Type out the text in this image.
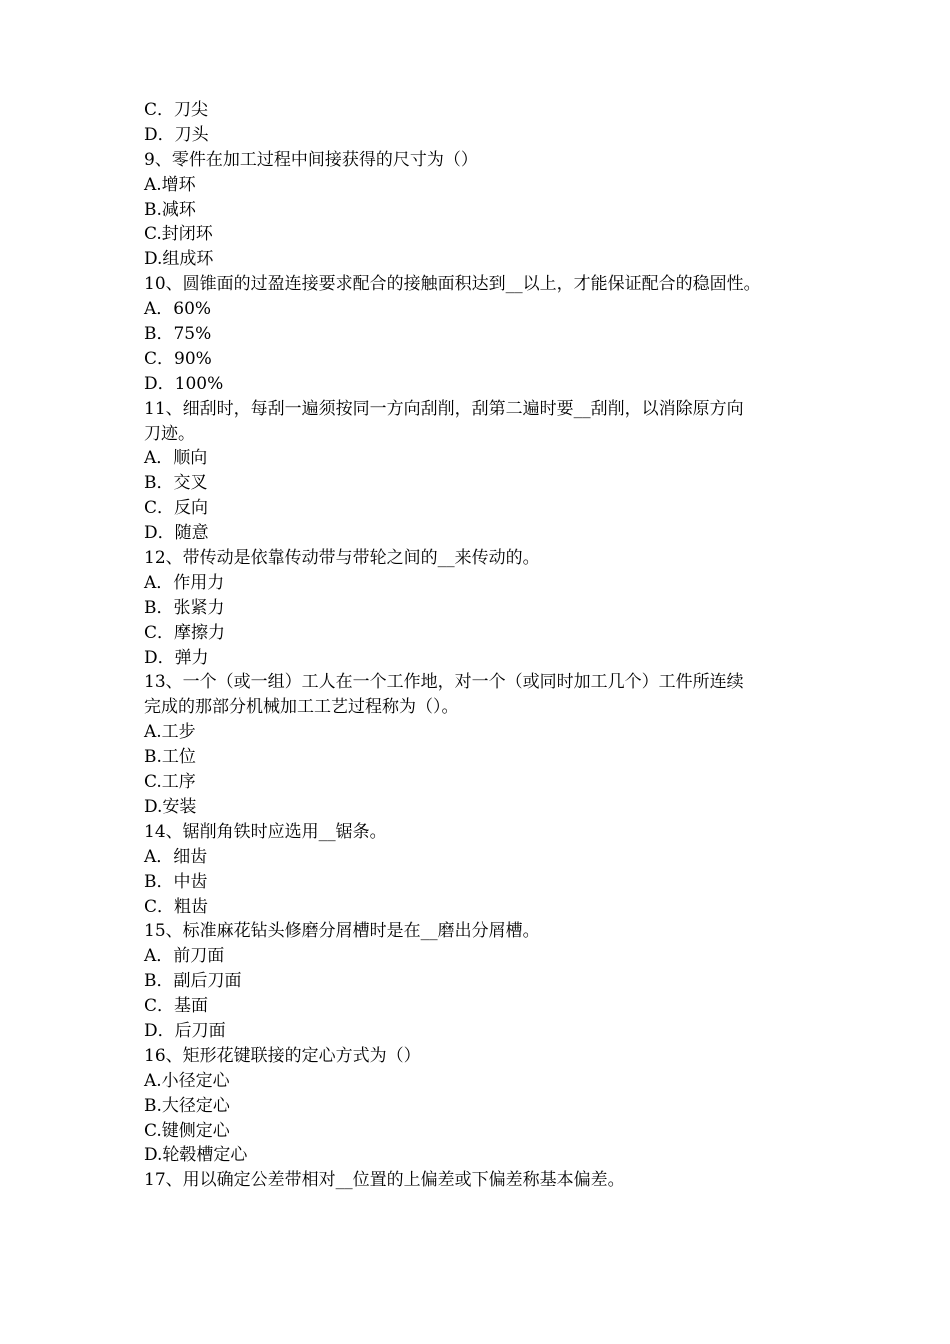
C．刀尖
D．刀头
9、零件在加工过程中间接获得的尺寸为（）
A.增环
B.减环
C.封闭环
D.组成环
10、圆锥面的过盈连接要求配合的接触面积达到__以上，才能保证配合的稳固性。
A．60%
B．75%
C．90%
D．100%
11、细刮时，每刮一遍须按同一方向刮削，刮第二遍时要__刮削，以消除原方向
刀迹。
A．顺向
B．交叉
C．反向
D．随意
12、带传动是依靠传动带与带轮之间的__来传动的。
A．作用力
B．张紧力
C．摩擦力
D．弹力
13、一个（或一组）工人在一个工作地，对一个（或同时加工几个）工件所连续
完成的那部分机械加工工艺过程称为（）。
A.工步
B.工位
C.工序
D.安装
14、锯削角铁时应选用__锯条。
A．细齿
B．中齿
C．粗齿
15、标准麻花钻头修磨分屑槽时是在__磨出分屑槽。
A．前刀面
B．副后刀面
C．基面
D．后刀面
16、矩形花键联接的定心方式为（）
A.小径定心
B.大径定心
C.键侧定心
D.轮毂槽定心
17、用以确定公差带相对__位置的上偏差或下偏差称基本偏差。
